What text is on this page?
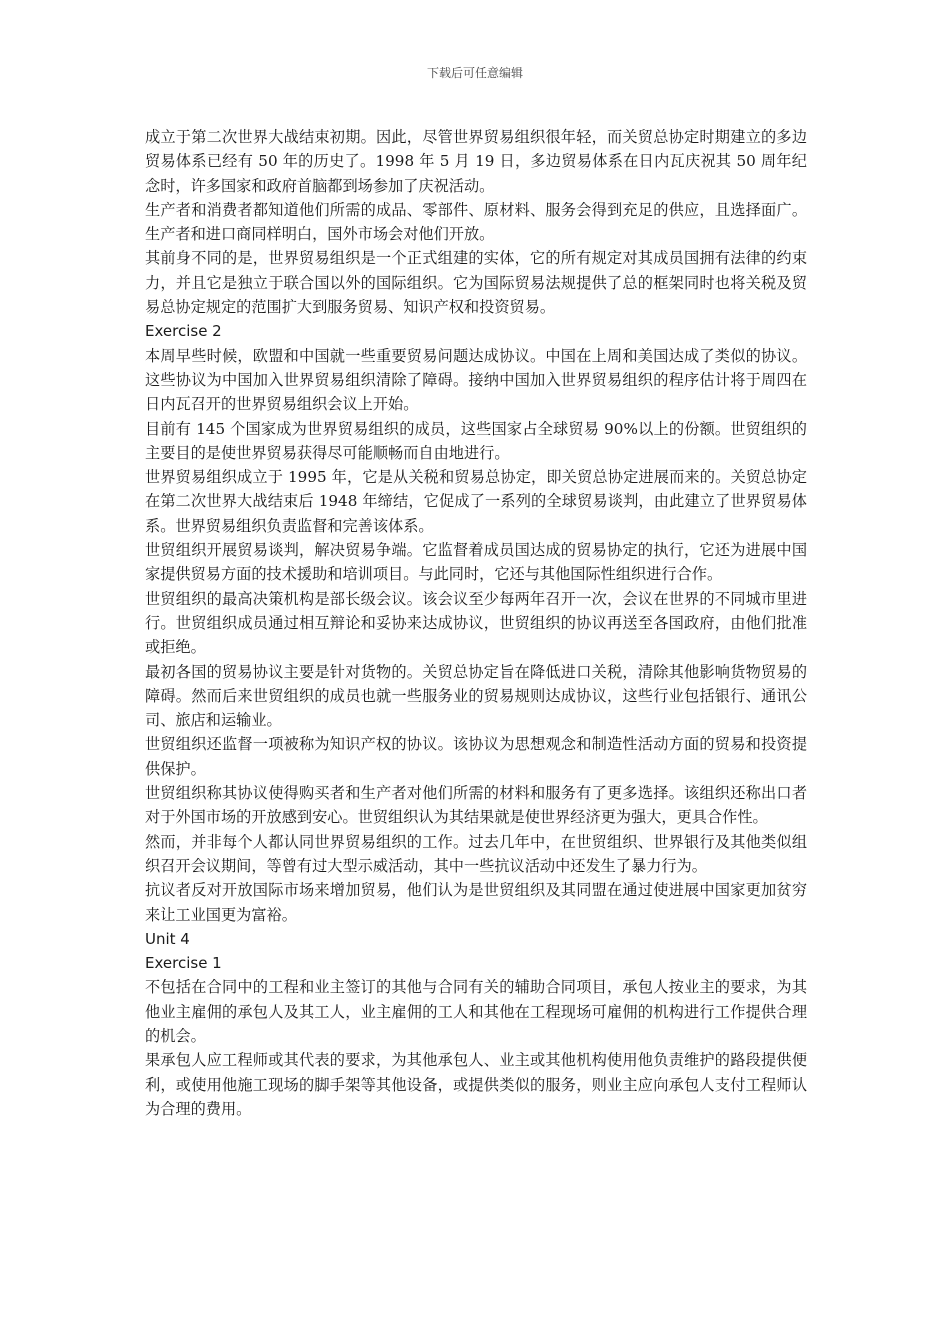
下载后可任意编辑

成立于第二次世界大战结束初期。因此，尽管世界贸易组织很年轻，而关贸总协定时期建立的多边贸易体系已经有 50 年的历史了。1998 年 5 月 19 日，多边贸易体系在日内瓦庆祝其 50 周年纪念时，许多国家和政府首脑都到场参加了庆祝活动。

生产者和消费者都知道他们所需的成品、零部件、原材料、服务会得到充足的供应，且选择面广。生产者和进口商同样明白，国外市场会对他们开放。

其前身不同的是，世界贸易组织是一个正式组建的实体，它的所有规定对其成员国拥有法律的约束力，并且它是独立于联合国以外的国际组织。它为国际贸易法规提供了总的框架同时也将关税及贸易总协定规定的范围扩大到服务贸易、知识产权和投资贸易。

Exercise 2

本周早些时候，欧盟和中国就一些重要贸易问题达成协议。中国在上周和美国达成了类似的协议。这些协议为中国加入世界贸易组织清除了障碍。接纳中国加入世界贸易组织的程序估计将于周四在日内瓦召开的世界贸易组织会议上开始。

目前有 145 个国家成为世界贸易组织的成员，这些国家占全球贸易 90%以上的份额。世贸组织的主要目的是使世界贸易获得尽可能顺畅而自由地进行。

世界贸易组织成立于 1995 年，它是从关税和贸易总协定，即关贸总协定进展而来的。关贸总协定在第二次世界大战结束后 1948 年缔结，它促成了一系列的全球贸易谈判，由此建立了世界贸易体系。世界贸易组织负责监督和完善该体系。

世贸组织开展贸易谈判，解决贸易争端。它监督着成员国达成的贸易协定的执行，它还为进展中国家提供贸易方面的技术援助和培训项目。与此同时，它还与其他国际性组织进行合作。

世贸组织的最高决策机构是部长级会议。该会议至少每两年召开一次，会议在世界的不同城市里进行。世贸组织成员通过相互辩论和妥协来达成协议，世贸组织的协议再送至各国政府，由他们批准或拒绝。

最初各国的贸易协议主要是针对货物的。关贸总协定旨在降低进口关税，清除其他影响货物贸易的障碍。然而后来世贸组织的成员也就一些服务业的贸易规则达成协议，这些行业包括银行、通讯公司、旅店和运输业。

世贸组织还监督一项被称为知识产权的协议。该协议为思想观念和制造性活动方面的贸易和投资提供保护。

世贸组织称其协议使得购买者和生产者对他们所需的材料和服务有了更多选择。该组织还称出口者对于外国市场的开放感到安心。世贸组织认为其结果就是使世界经济更为强大，更具合作性。

然而，并非每个人都认同世界贸易组织的工作。过去几年中，在世贸组织、世界银行及其他类似组织召开会议期间，等曾有过大型示威活动，其中一些抗议活动中还发生了暴力行为。

抗议者反对开放国际市场来增加贸易，他们认为是世贸组织及其同盟在通过使进展中国家更加贫穷来让工业国更为富裕。

Unit 4

Exercise 1

不包括在合同中的工程和业主签订的其他与合同有关的辅助合同项目，承包人按业主的要求，为其他业主雇佣的承包人及其工人，业主雇佣的工人和其他在工程现场可雇佣的机构进行工作提供合理的机会。

果承包人应工程师或其代表的要求，为其他承包人、业主或其他机构使用他负责维护的路段提供便利，或使用他施工现场的脚手架等其他设备，或提供类似的服务，则业主应向承包人支付工程师认为合理的费用。
